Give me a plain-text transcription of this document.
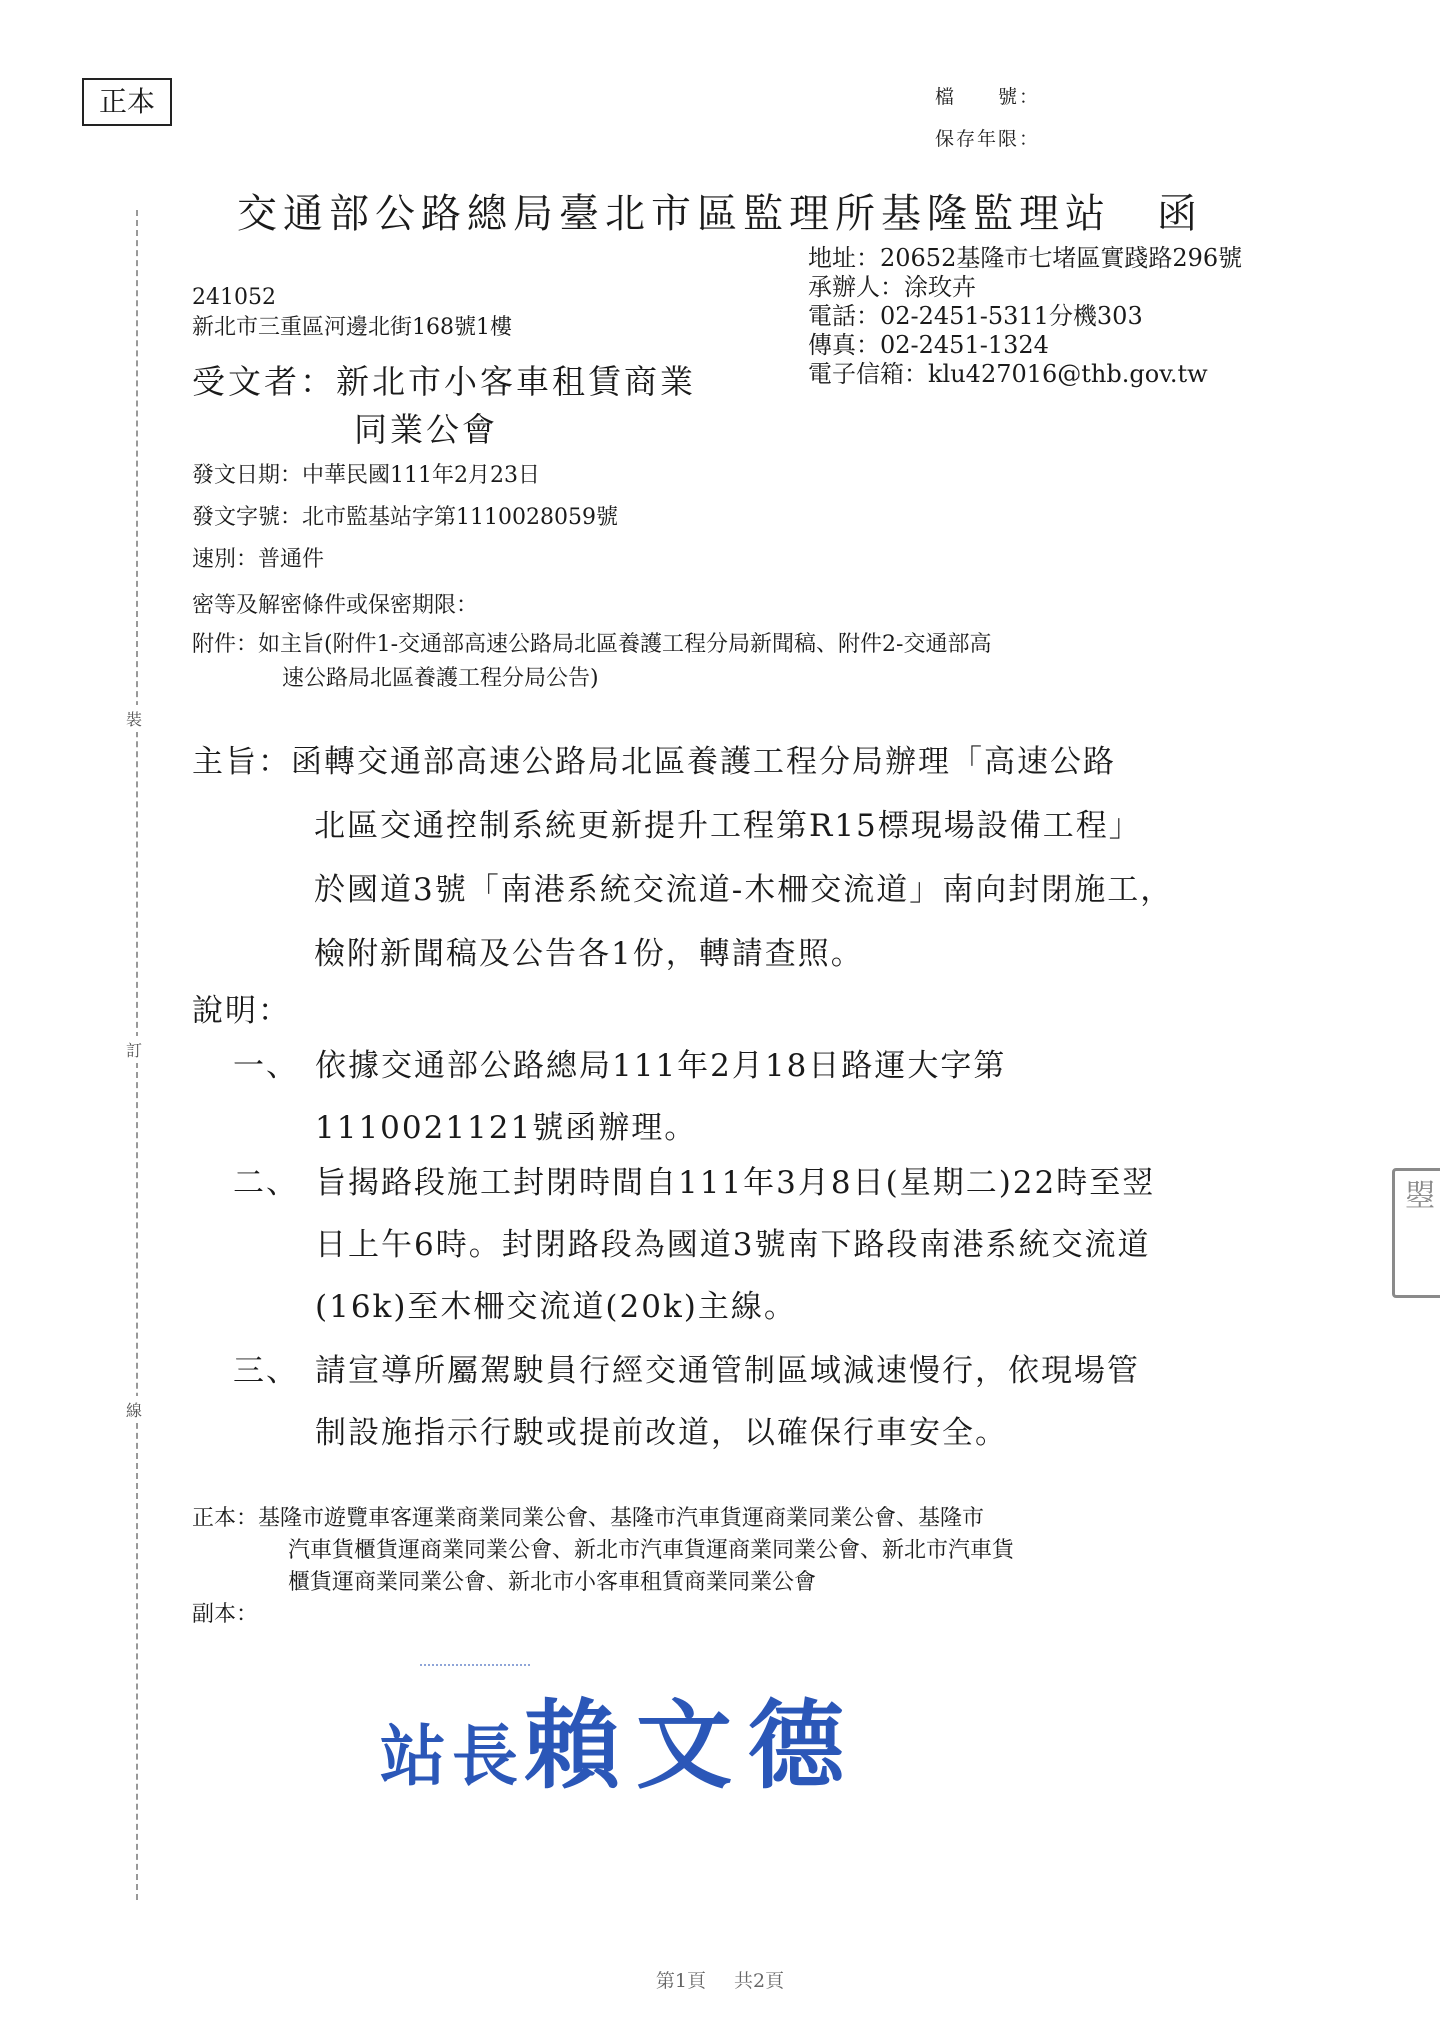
裝
訂
線
曌
正本	檔　　號：
保存年限：
交通部公路總局臺北市區監理所基隆監理站　函
地址：20652基隆市七堵區實踐路296號
承辦人：涂玫卉
電話：02-2451-5311分機303
傳真：02-2451-1324
電子信箱：klu427016@thb.gov.tw
241052
新北市三重區河邊北街168號1樓
受文者：新北市小客車租賃商業
同業公會
發文日期：中華民國111年2月23日
發文字號：北市監基站字第1110028059號
速別：普通件
密等及解密條件或保密期限：
附件：如主旨(附件1-交通部高速公路局北區養護工程分局新聞稿、附件2-交通部高
速公路局北區養護工程分局公告)
主旨：函轉交通部高速公路局北區養護工程分局辦理「高速公路
北區交通控制系統更新提升工程第R15標現場設備工程」
於國道3號「南港系統交流道-木柵交流道」南向封閉施工，
檢附新聞稿及公告各1份，轉請查照。
說明：
一、 依據交通部公路總局111年2月18日路運大字第
1110021121號函辦理。
二、 旨揭路段施工封閉時間自111年3月8日(星期二)22時至翌
日上午6時。封閉路段為國道3號南下路段南港系統交流道
(16k)至木柵交流道(20k)主線。
三、 請宣導所屬駕駛員行經交通管制區域減速慢行，依現場管
制設施指示行駛或提前改道，以確保行車安全。
正本：基隆市遊覽車客運業商業同業公會、基隆市汽車貨運商業同業公會、基隆市
汽車貨櫃貨運商業同業公會、新北市汽車貨運商業同業公會、新北市汽車貨
櫃貨運商業同業公會、新北市小客車租賃商業同業公會
副本：
站長賴文德
第1頁 共2頁
